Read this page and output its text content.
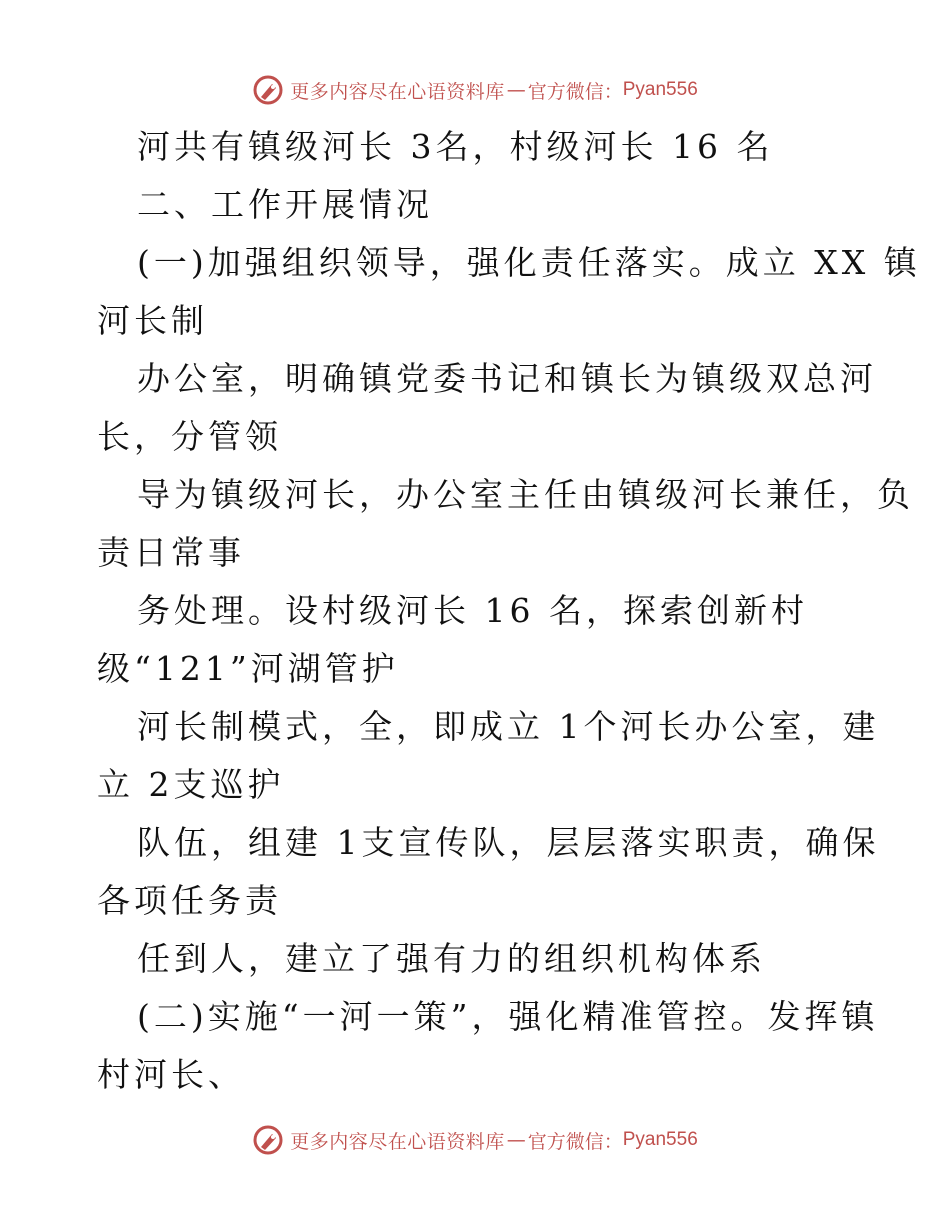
更多内容尽在心语资料库 — 官方微信： Pyan556
河共有镇级河长 3名，村级河长 16 名
二、工作开展情况
(一)加强组织领导，强化责任落实。成立 XX 镇
河长制
办公室，明确镇党委书记和镇长为镇级双总河
长，分管领
导为镇级河长，办公室主任由镇级河长兼任，负
责日常事
务处理。设村级河长 16 名，探索创新村
级“121”河湖管护
河长制模式，全，即成立 1个河长办公室，建
立 2支巡护
队伍，组建 1支宣传队，层层落实职责，确保
各项任务责
任到人，建立了强有力的组织机构体系
(二)实施“一河一策”，强化精准管控。发挥镇
村河长、
更多内容尽在心语资料库 — 官方微信： Pyan556
